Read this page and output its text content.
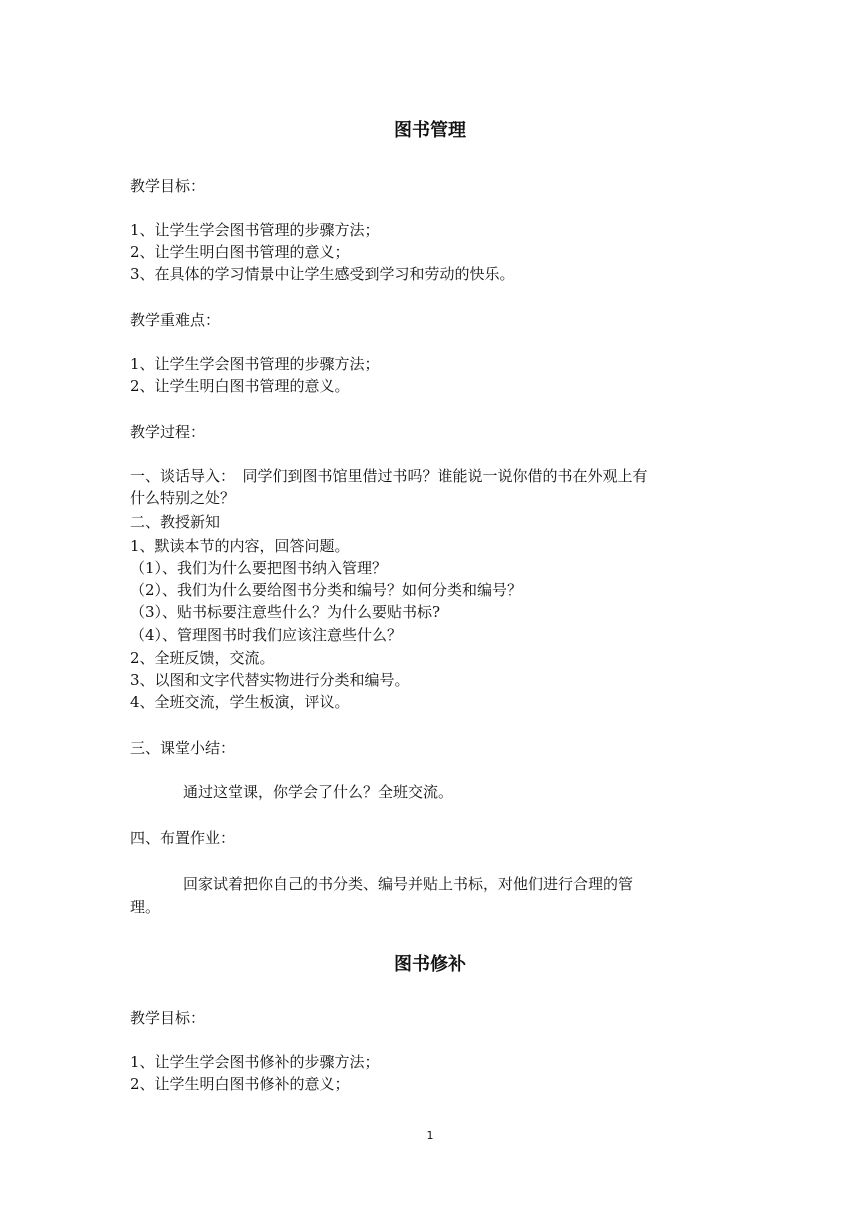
图书管理
教学目标：
1、让学生学会图书管理的步骤方法；
2、让学生明白图书管理的意义；
3、在具体的学习情景中让学生感受到学习和劳动的快乐。
教学重难点：
1、让学生学会图书管理的步骤方法；
2、让学生明白图书管理的意义。
教学过程：
一、谈话导入：　同学们到图书馆里借过书吗？谁能说一说你借的书在外观上有
什么特别之处？
二、教授新知
1、默读本节的内容，回答问题。
（1）、我们为什么要把图书纳入管理？
（2）、我们为什么要给图书分类和编号？如何分类和编号？
（3）、贴书标要注意些什么？为什么要贴书标?
（4）、管理图书时我们应该注意些什么？
2、全班反馈，交流。
3、以图和文字代替实物进行分类和编号。
4、全班交流，学生板演，评议。
三、课堂小结：
通过这堂课，你学会了什么？全班交流。
四、布置作业：
回家试着把你自己的书分类、编号并贴上书标，对他们进行合理的管
理。
图书修补
教学目标：
1、让学生学会图书修补的步骤方法；
2、让学生明白图书修补的意义；
1
